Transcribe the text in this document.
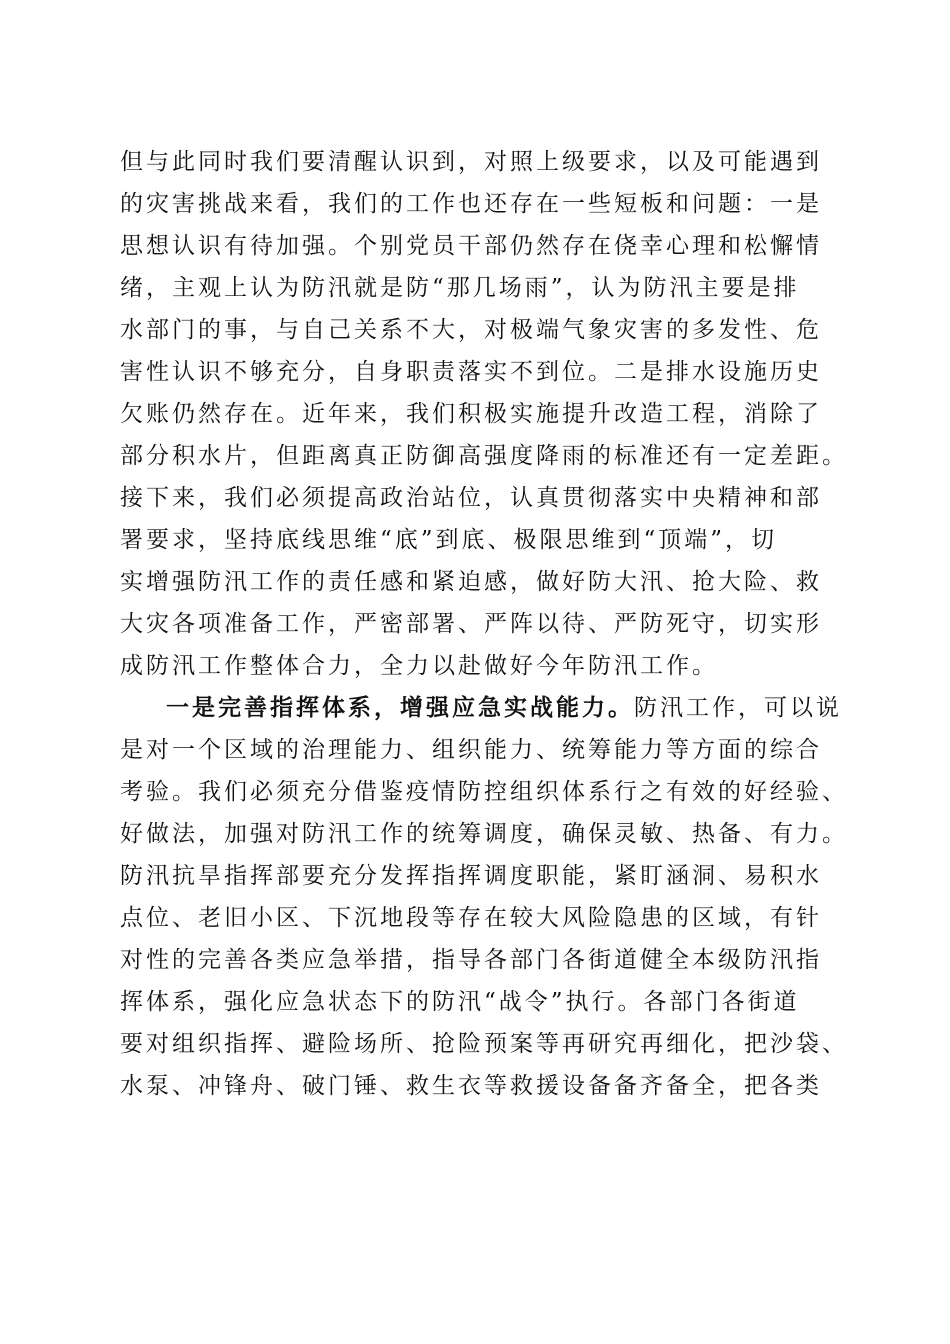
但与此同时我们要清醒认识到，对照上级要求，以及可能遇到
的灾害挑战来看，我们的工作也还存在一些短板和问题：一是
思想认识有待加强。个别党员干部仍然存在侥幸心理和松懈情
绪，主观上认为防汛就是防“那几场雨”，认为防汛主要是排
水部门的事，与自己关系不大，对极端气象灾害的多发性、危
害性认识不够充分，自身职责落实不到位。二是排水设施历史
欠账仍然存在。近年来，我们积极实施提升改造工程，消除了
部分积水片，但距离真正防御高强度降雨的标准还有一定差距。
接下来，我们必须提高政治站位，认真贯彻落实中央精神和部
署要求，坚持底线思维“底”到底、极限思维到“顶端”，切
实增强防汛工作的责任感和紧迫感，做好防大汛、抢大险、救
大灾各项准备工作，严密部署、严阵以待、严防死守，切实形
成防汛工作整体合力，全力以赴做好今年防汛工作。
一是完善指挥体系，增强应急实战能力。防汛工作，可以说
是对一个区域的治理能力、组织能力、统筹能力等方面的综合
考验。我们必须充分借鉴疫情防控组织体系行之有效的好经验、
好做法，加强对防汛工作的统筹调度，确保灵敏、热备、有力。
防汛抗旱指挥部要充分发挥指挥调度职能，紧盯涵洞、易积水
点位、老旧小区、下沉地段等存在较大风险隐患的区域，有针
对性的完善各类应急举措，指导各部门各街道健全本级防汛指
挥体系，强化应急状态下的防汛“战令”执行。各部门各街道
要对组织指挥、避险场所、抢险预案等再研究再细化，把沙袋、
水泵、冲锋舟、破门锤、救生衣等救援设备备齐备全，把各类
